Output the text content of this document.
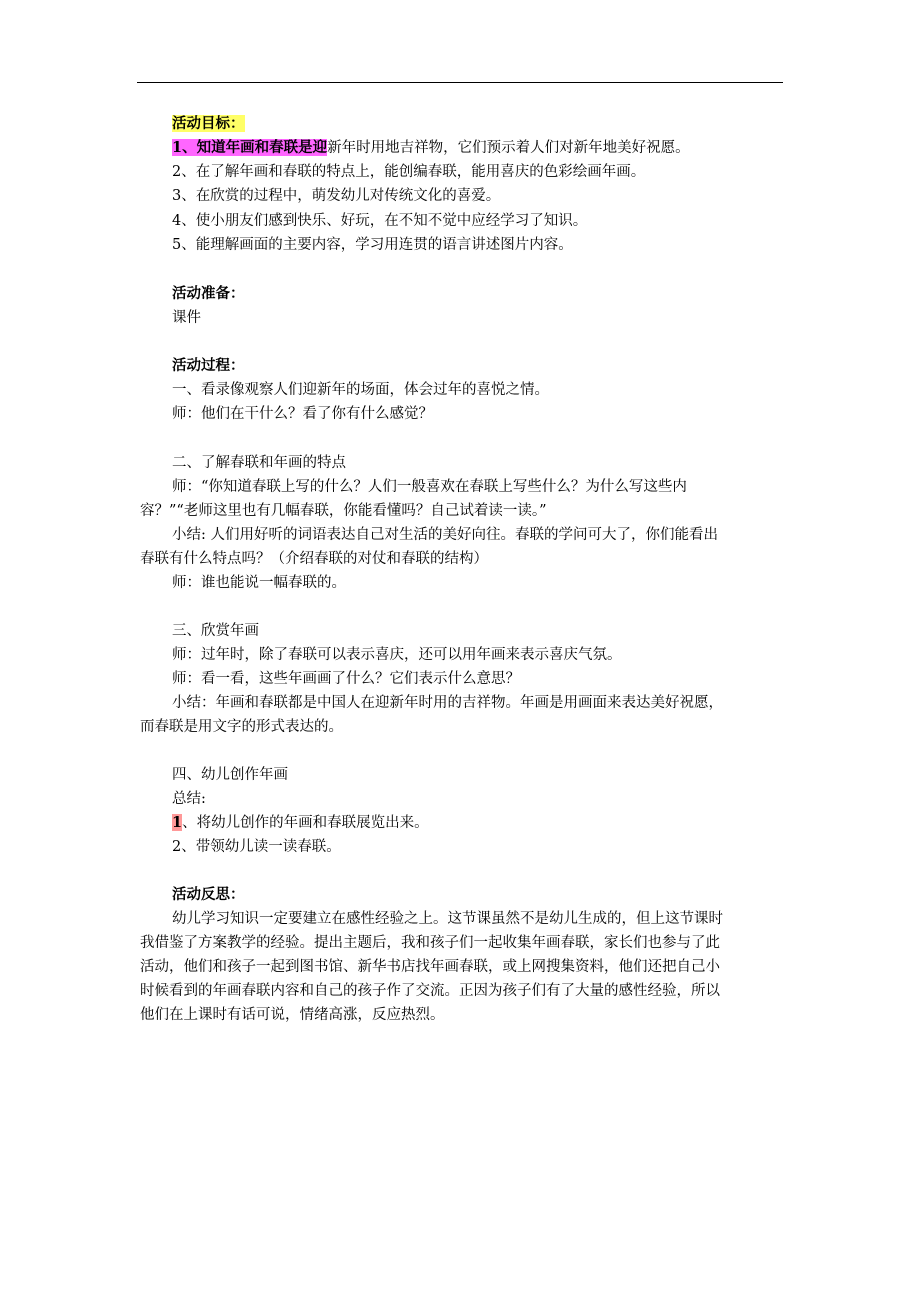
活动目标：
1、知道年画和春联是迎新年时用地吉祥物，它们预示着人们对新年地美好祝愿。
2、在了解年画和春联的特点上，能创编春联，能用喜庆的色彩绘画年画。
3、在欣赏的过程中，萌发幼儿对传统文化的喜爱。
4、使小朋友们感到快乐、好玩，在不知不觉中应经学习了知识。
5、能理解画面的主要内容，学习用连贯的语言讲述图片内容。
活动准备：
课件
活动过程：
一、看录像观察人们迎新年的场面，体会过年的喜悦之情。
师：他们在干什么？看了你有什么感觉？
二、了解春联和年画的特点
师：“你知道春联上写的什么？人们一般喜欢在春联上写些什么？为什么写这些内
容？”“老师这里也有几幅春联，你能看懂吗？自己试着读一读。”
小结: 人们用好听的词语表达自己对生活的美好向往。春联的学问可大了，你们能看出
春联有什么特点吗？（介绍春联的对仗和春联的结构）
师：谁也能说一幅春联的。
三、欣赏年画
师：过年时，除了春联可以表示喜庆，还可以用年画来表示喜庆气氛。
师：看一看，这些年画画了什么？它们表示什么意思？
小结：年画和春联都是中国人在迎新年时用的吉祥物。年画是用画面来表达美好祝愿，
而春联是用文字的形式表达的。
四、幼儿创作年画
总结:
1、将幼儿创作的年画和春联展览出来。
2、带领幼儿读一读春联。
活动反思：
幼儿学习知识一定要建立在感性经验之上。这节课虽然不是幼儿生成的，但上这节课时
我借鉴了方案教学的经验。提出主题后，我和孩子们一起收集年画春联，家长们也参与了此
活动，他们和孩子一起到图书馆、新华书店找年画春联，或上网搜集资料，他们还把自己小
时候看到的年画春联内容和自己的孩子作了交流。正因为孩子们有了大量的感性经验，所以
他们在上课时有话可说，情绪高涨，反应热烈。
